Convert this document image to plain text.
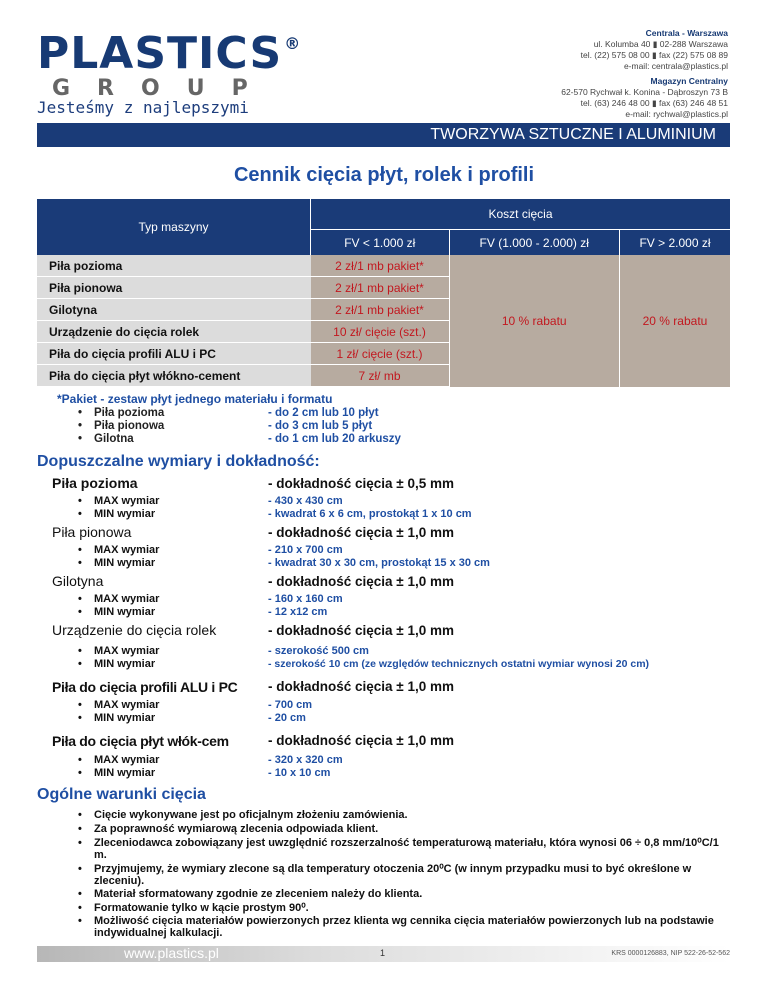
PLASTICS ®
GROUP
Jesteśmy z najlepszymi
Centrala - Warszawa
ul. Kolumba 40 ▮ 02-288 Warszawa
tel. (22) 575 08 00 ▮ fax (22) 575 08 89
e-mail: centrala@plastics.pl
Magazyn Centralny
62-570 Rychwał k. Konina - Dąbroszyn 73 B
tel. (63) 246 48 00 ▮ fax (63) 246 48 51
e-mail: rychwal@plastics.pl
TWORZYWA SZTUCZNE I ALUMINIUM
Cennik cięcia płyt, rolek i profili
Typ maszyny	Koszt cięcia		
	FV < 1.000 zł	FV (1.000 - 2.000) zł	FV > 2.000 zł
Piła pozioma	2 zł/1 mb pakiet*	10 % rabatu	20 % rabatu
Piła pionowa	2 zł/1 mb pakiet*		
Gilotyna	2 zł/1 mb pakiet*		
Urządzenie do cięcia rolek	10 zł/ cięcie (szt.)		
Piła do cięcia profili ALU i PC	1 zł/ cięcie (szt.)		
Piła do cięcia płyt włókno-cement	7 zł/ mb		
*Pakiet - zestaw płyt jednego materiału i formatu
• Piła pozioma	- do 2 cm lub 10 płyt
• Piła pionowa	- do 3 cm lub 5 płyt
• Gilotna	- do 1 cm lub 20 arkuszy
Dopuszczalne wymiary i dokładność:
Piła pozioma	- dokładność cięcia ± 0,5 mm
• MAX wymiar	- 430 x 430 cm
• MIN wymiar	- kwadrat 6 x 6 cm, prostokąt 1 x 10 cm
Piła pionowa	- dokładność cięcia ± 1,0 mm
• MAX wymiar	- 210 x 700 cm
• MIN wymiar	- kwadrat 30 x 30 cm, prostokąt 15 x 30 cm
Gilotyna	- dokładność cięcia ± 1,0 mm
• MAX wymiar	- 160 x 160 cm
• MIN wymiar	- 12 x12 cm
Urządzenie do cięcia rolek	- dokładność cięcia ± 1,0 mm
• MAX wymiar	- szerokość 500 cm
• MIN wymiar	- szerokość 10 cm (ze względów technicznych ostatni wymiar wynosi 20 cm)
Piła do cięcia profili ALU i PC - dokładność cięcia ± 1,0 mm
• MAX wymiar	- 700 cm
• MIN wymiar	- 20 cm
Piła do cięcia płyt włók-cem	- dokładność cięcia ± 1,0 mm
• MAX wymiar	- 320 x 320 cm
• MIN wymiar	- 10 x 10 cm
Ogólne warunki cięcia
• Cięcie wykonywane jest po oficjalnym złożeniu zamówienia.
• Za poprawność wymiarową zlecenia odpowiada klient.
• Zleceniodawca zobowiązany jest uwzględnić rozszerzalność temperaturową materiału, która wynosi 06 ÷ 0,8 mm/10⁰C/1 m.
• Przyjmujemy, że wymiary zlecone są dla temperatury otoczenia 20⁰C (w innym przypadku musi to być określone w zleceniu).
• Materiał sformatowany zgodnie ze zleceniem należy do klienta.
• Formatowanie tylko w kącie prostym 90⁰.
• Możliwość cięcia materiałów powierzonych przez klienta wg cennika cięcia materiałów powierzonych lub na podstawie indywidualnej kalkulacji.
www.plastics.pl	1	KRS 0000126883, NIP 522-26-52-562
